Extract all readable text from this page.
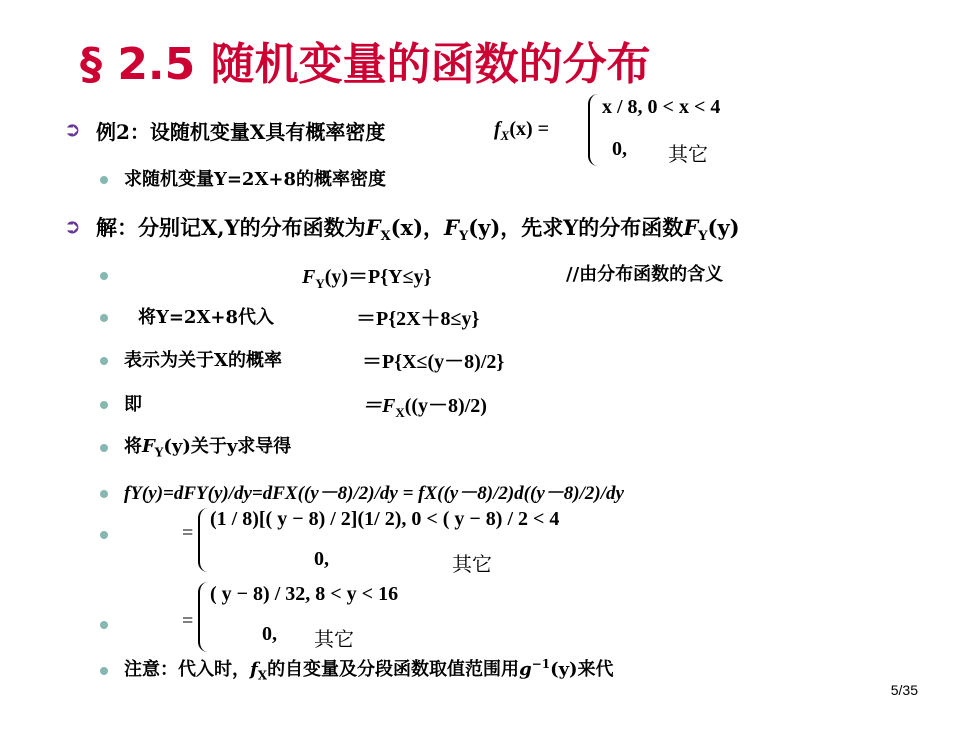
§ 2.5 随机变量的函数的分布
➲ 例2：设随机变量X具有概率密度	$f_X(x)$ =
x / 8, 0 < x < 4
0, 其它
求随机变量Y=2X+8的概率密度
➲ 解：分别记X,Y的分布函数为$F_X(x)$，$F_Y(y)$，先求Y的分布函数$F_Y(y)$
$F_Y(y)=P\{Y\le y\}$	//由分布函数的含义
将Y=2X+8代入	＝P{2X＋8≤y}
表示为关于X的概率	＝P{X≤(y－8)/2}
即	$=F_X((y-8)/2)$
将$F_Y(y)$关于y求导得
fY(y)=dFY(y)/dy=dFX((y－8)/2)/dy = fX((y－8)/2)d((y－8)/2)/dy
=
(1 / 8)[( y − 8) / 2](1/ 2), 0 < ( y − 8) / 2 < 4
0,	其它
=
( y − 8) / 32, 8 < y < 16
0, 其它
注意：代入时，$f_X$的自变量及分段函数取值范围用$g^{-1}(y)$来代
5/35
